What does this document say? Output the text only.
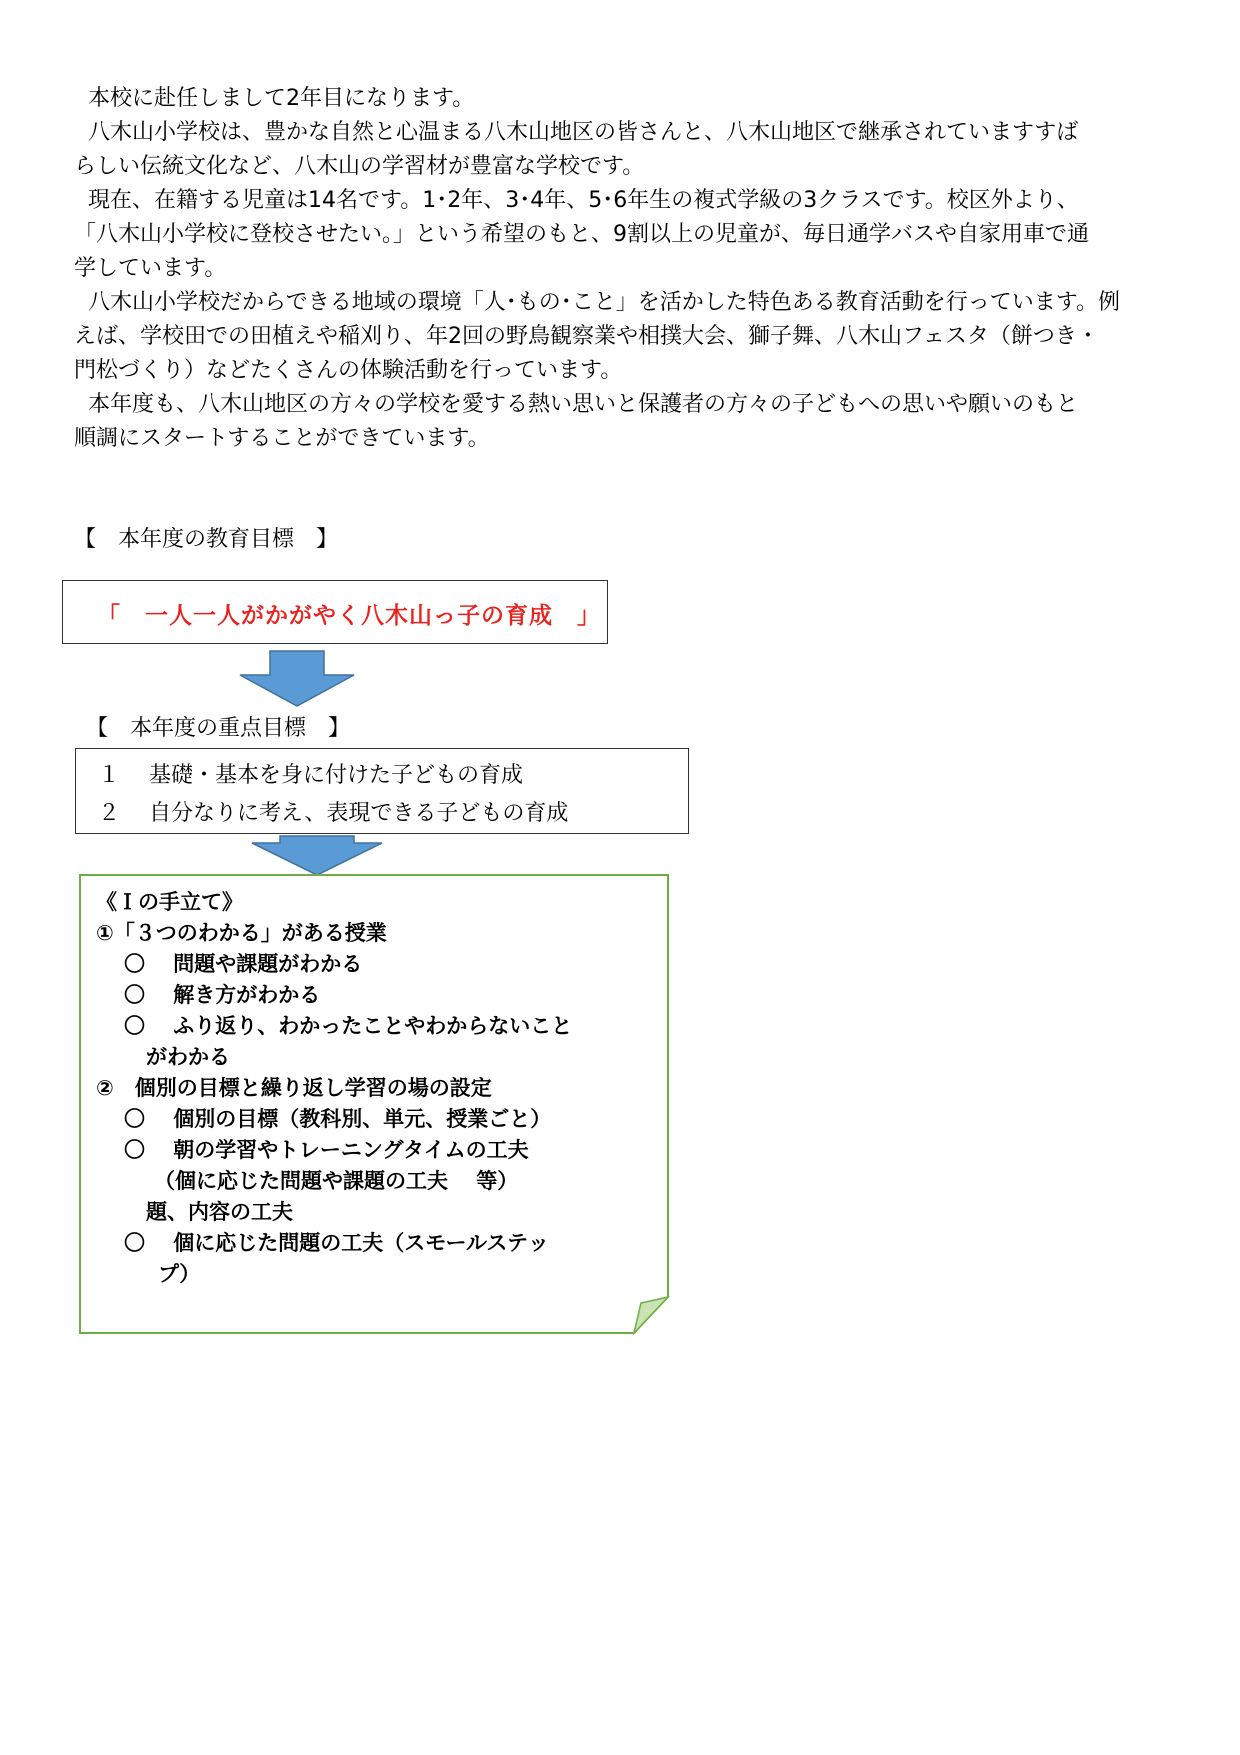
本校に赴任しまして2年目になります。

八木山小学校は、豊かな自然と心温まる八木山地区の皆さんと、八木山地区で継承されていますすば

らしい伝統文化など、八木山の学習材が豊富な学校です。

現在、在籍する児童は14名です。1･2年、3･4年、5･6年生の複式学級の3クラスです。校区外より、

「八木山小学校に登校させたい。」という希望のもと、9割以上の児童が、毎日通学バスや自家用車で通

学しています。

八木山小学校だからできる地域の環境「人･もの･こと」を活かした特色ある教育活動を行っています。例

えば、学校田での田植えや稲刈り、年2回の野鳥観察業や相撲大会、獅子舞、八木山フェスタ（餅つき・

門松づくり）などたくさんの体験活動を行っています。

本年度も、八木山地区の方々の学校を愛する熱い思いと保護者の方々の子どもへの思いや願いのもと

順調にスタートすることができています。

【　本年度の教育目標　】
「　一人一人がかがやく八木山っ子の育成　」
【　本年度の重点目標　】
１　 基礎・基本を身に付けた子どもの育成
２　 自分なりに考え、表現できる子どもの育成
《Ｉの手立て》
①「３つのわかる」がある授業
〇　 問題や課題がわかる
〇　 解き方がわかる
〇　 ふり返り、わかったことやわからないこと
がわかる
②　個別の目標と繰り返し学習の場の設定
〇　 個別の目標（教科別、単元、授業ごと）
〇　 朝の学習やトレーニングタイムの工夫
（個に応じた問題や課題の工夫　 等）
題、内容の工夫
〇　 個に応じた問題の工夫（スモールステッ
プ）
